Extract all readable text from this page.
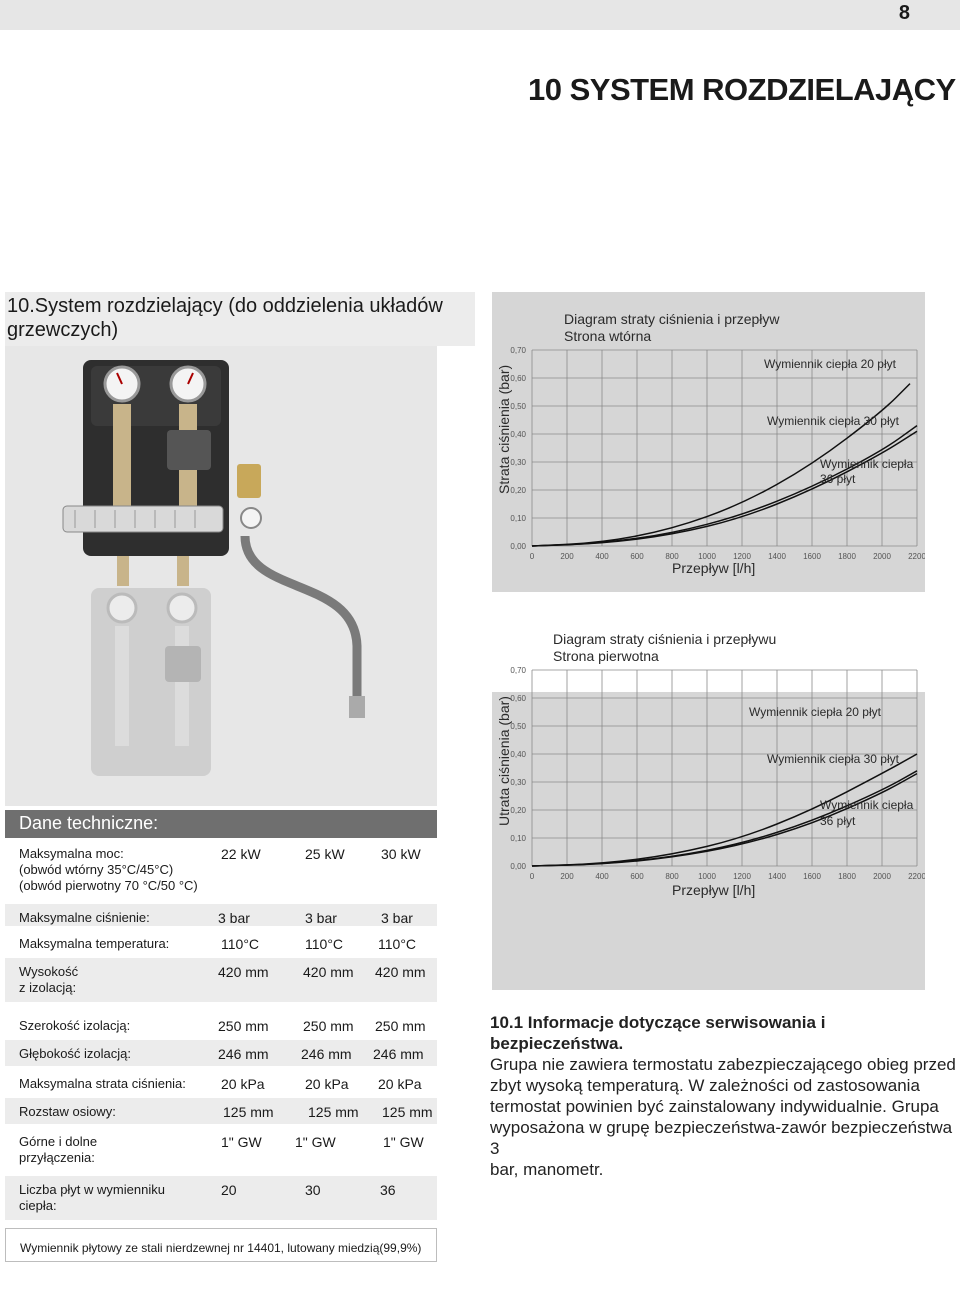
8
10 SYSTEM ROZDZIELAJĄCY
10.System rozdzielający (do oddzielenia układów grzewczych)	Diagram straty ciśnienia i przepływ
Strona wtórna
Strata ciśnienia (bar)
Przepływ [l/h]
0	200	400	600	800 1000 1200 1400 1600 1800 2000 2200
0,00
0,10
0,20
0,30
0,40
0,50
0,60
0,70
Wymiennik ciepła 20 płyt
Wymiennik ciepła 30 płyt
Wymiennik ciepła
36 płyt
Diagram straty ciśnienia i przepływu
Strona pierwotna
Utrata ciśnienia (bar)
Przepływ [l/h]
0	200	400	600	800 1000 1200 1400 1600 1800 2000 2200
0,00
0,10
0,20
0,30
0,40
0,50
0,60
0,70
Wymiennik ciepła 20 płyt
Wymiennik ciepła 30 płyt
Wymiennik ciepła
36 płyt
Dane techniczne:
Maksymalna moc:
(obwód wtórny 35°C/45°C)
(obwód pierwotny 70 °C/50 °C)
22 kW	25 kW	30 kW
Maksymalne ciśnienie:	3 bar	3 bar	3 bar
Maksymalna temperatura:	110°C	110°C 110°C
Wysokość
z izolacją:
420 mm 420 mm 420 mm
Szerokość izolacją:	250 mm 250 mm 250 mm
Głębokość izolacją:	246 mm 246 mm 246 mm
Maksymalna strata ciśnienia:	20 kPa	20 kPa 20 kPa
Rozstaw osiowy:	125 mm 125 mm 125 mm
Górne i dolne
przyłączenia:
1" GW 1" GW	1" GW
Liczba płyt w wymienniku
ciepła:
20	30	36
Wymiennik płytowy ze stali nierdzewnej nr 14401, lutowany miedzią(99,9%)
10.1 Informacje dotyczące serwisowania i bezpieczeństwa.
Grupa nie zawiera termostatu zabezpieczającego obieg przed
zbyt wysoką temperaturą. W zależności od zastosowania
termostat powinien być zainstalowany indywidualnie. Grupa
wyposażona w grupę bezpieczeństwa-zawór bezpieczeństwa 3
bar, manometr.
